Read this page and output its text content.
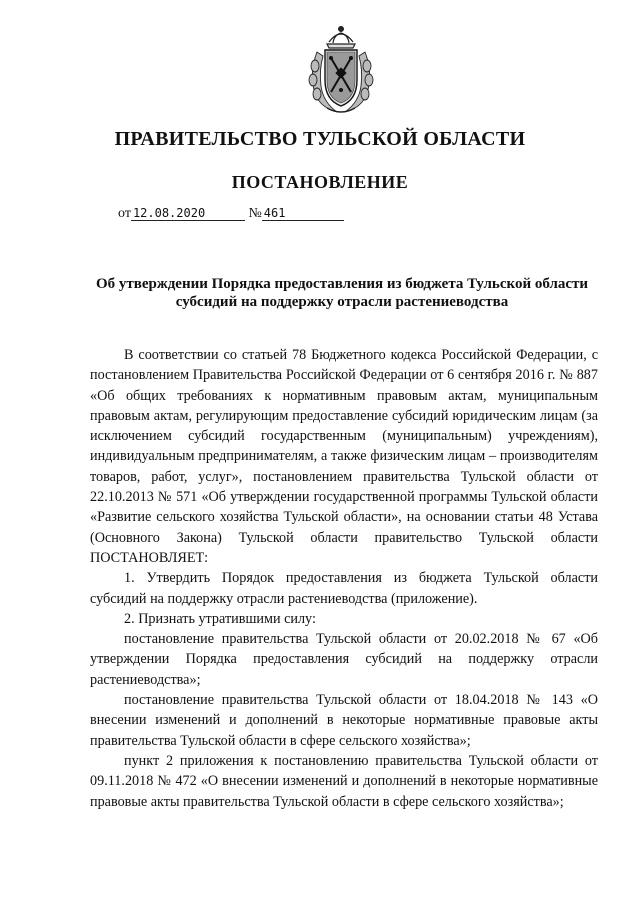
ПРАВИТЕЛЬСТВО ТУЛЬСКОЙ ОБЛАСТИ
ПОСТАНОВЛЕНИЕ
от 12.08.2020	№ 461
Об утверждении Порядка предоставления из бюджета Тульской области
субсидий на поддержку отрасли растениеводства

В соответствии со статьей 78 Бюджетного кодекса Российской Федерации, с постановлением Правительства Российской Федерации от 6 сентября 2016 г. № 887 «Об общих требованиях к нормативным правовым актам, муниципальным правовым актам, регулирующим предоставление субсидий юридическим лицам (за исключением субсидий государственным (муниципальным) учреждениям), индивидуальным предпринимателям, а также физическим лицам – производителям товаров, работ, услуг», постановлением правительства Тульской области от 22.10.2013 № 571 «Об утверждении государственной программы Тульской области «Развитие сельского хозяйства Тульской области», на основании статьи 48 Устава (Основного Закона) Тульской области правительство Тульской области ПОСТАНОВЛЯЕТ:

1. Утвердить Порядок предоставления из бюджета Тульской области субсидий на поддержку отрасли растениеводства (приложение).

2. Признать утратившими силу:

постановление правительства Тульской области от 20.02.2018 № 67 «Об утверждении Порядка предоставления субсидий на поддержку отрасли растениеводства»;

постановление правительства Тульской области от 18.04.2018 № 143 «О внесении изменений и дополнений в некоторые нормативные правовые акты правительства Тульской области в сфере сельского хозяйства»;

пункт 2 приложения к постановлению правительства Тульской области от 09.11.2018 № 472 «О внесении изменений и дополнений в некоторые нормативные правовые акты правительства Тульской области в сфере сельского хозяйства»;
